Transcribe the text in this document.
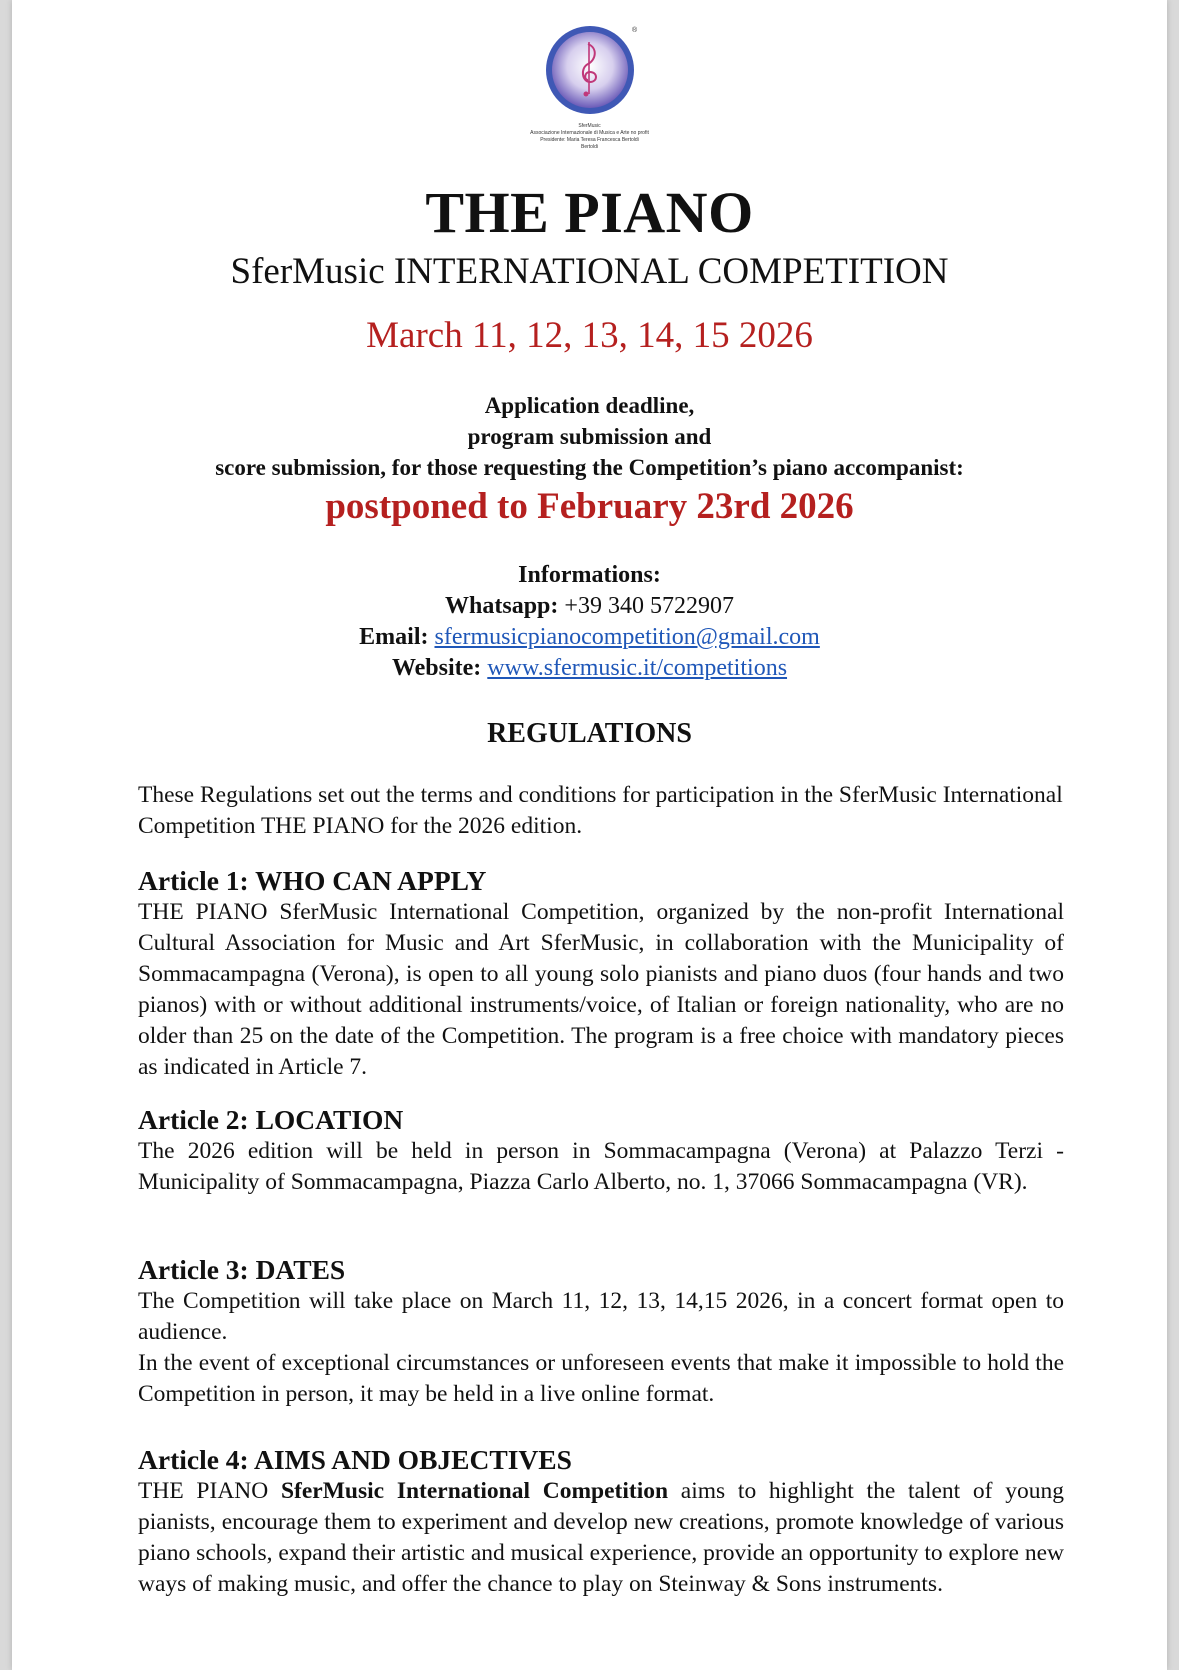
®
SferMusic
Associazione Internazionale di Musica e Arte no profit
Presidente: Maria Teresa Francesca Bertoldi
Bertoldi
THE PIANO
SferMusic INTERNATIONAL COMPETITION
March 11, 12, 13, 14, 15 2026
Application deadline,
program submission and
score submission, for those requesting the Competition’s piano accompanist:
postponed to February 23rd 2026
Informations:
Whatsapp: +39 340 5722907
Email: sfermusicpianocompetition@gmail.com
Website: www.sfermusic.it/competitions
REGULATIONS
These Regulations set out the terms and conditions for participation in the SferMusic International Competition THE PIANO for the 2026 edition.
Article 1: WHO CAN APPLY

THE PIANO SferMusic International Competition, organized by the non-profit International Cultural Association for Music and Art SferMusic, in collaboration with the Municipality of Sommacampagna (Verona), is open to all young solo pianists and piano duos (four hands and two pianos) with or without additional instruments/voice, of Italian or foreign nationality, who are no older than 25 on the date of the Competition. The program is a free choice with mandatory pieces as indicated in Article 7.

Article 2: LOCATION

The 2026 edition will be held in person in Sommacampagna (Verona) at Palazzo Terzi - Municipality of Sommacampagna, Piazza Carlo Alberto, no. 1, 37066 Sommacampagna (VR).

Article 3: DATES

The Competition will take place on March 11, 12, 13, 14,15 2026, in a concert format open to audience.

In the event of exceptional circumstances or unforeseen events that make it impossible to hold the Competition in person, it may be held in a live online format.

Article 4: AIMS AND OBJECTIVES

THE PIANO SferMusic International Competition aims to highlight the talent of young pianists, encourage them to experiment and develop new creations, promote knowledge of various piano schools, expand their artistic and musical experience, provide an opportunity to explore new ways of making music, and offer the chance to play on Steinway & Sons instruments.
